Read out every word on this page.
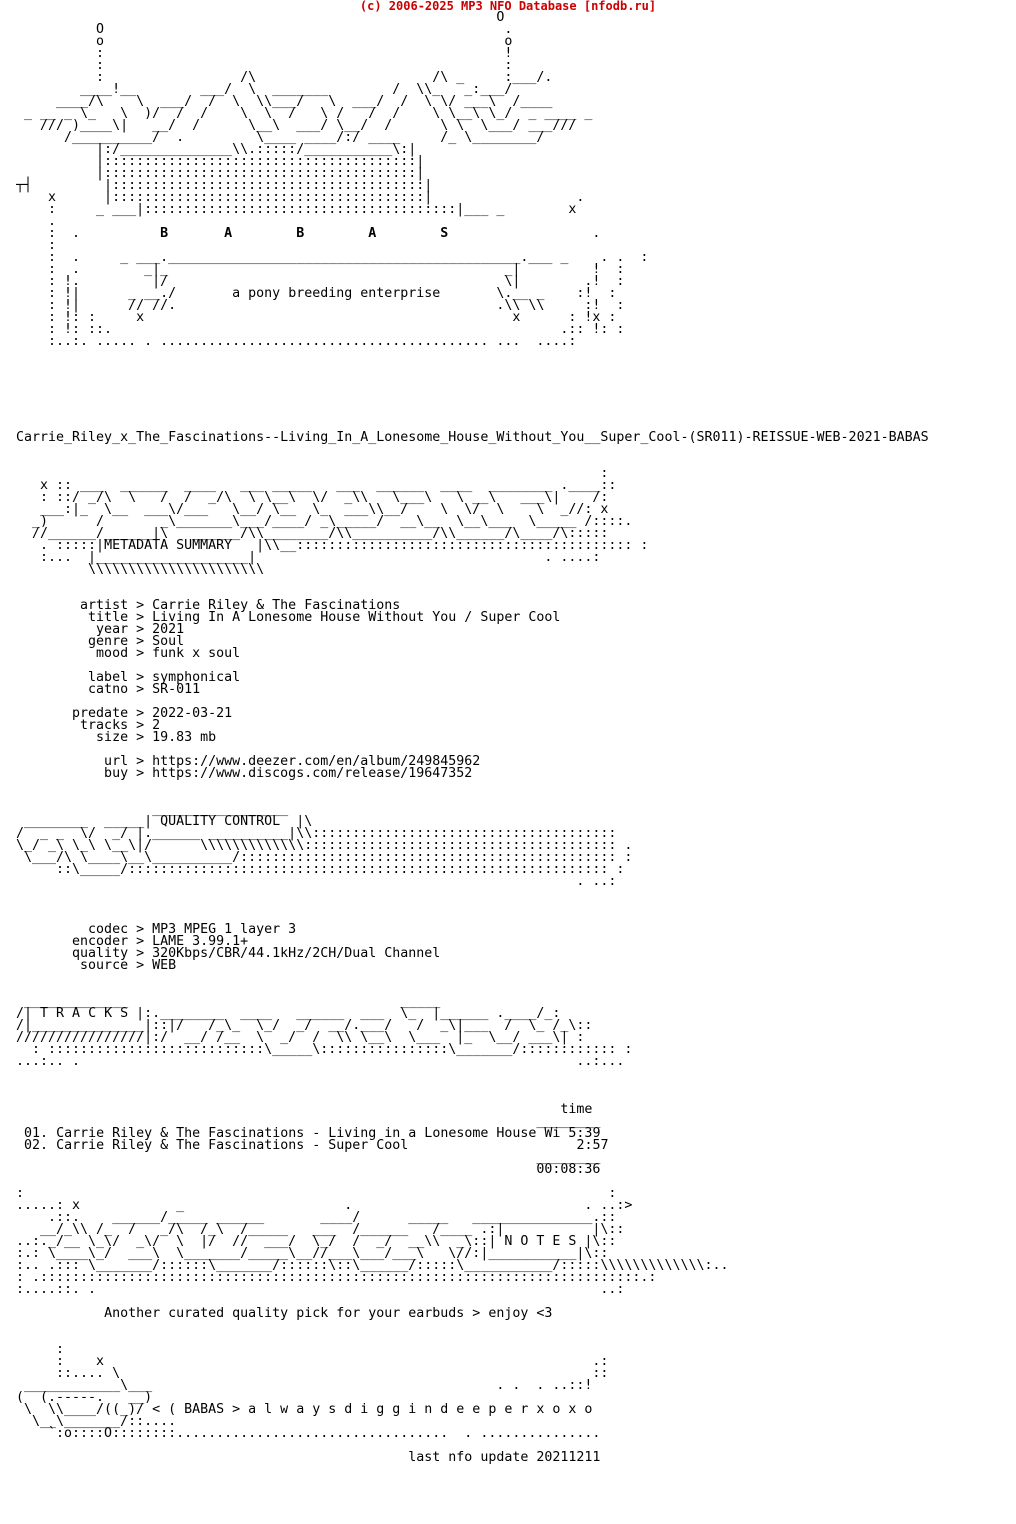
(c) 2006-2025 MP3 NFO Database [nfodb.ru]
O
O                                                  .
o                                                  o
:                                                  !
:                                                  :
:                 /\                      /\ _     :___/.
____!__        ___/  \  _______        /  \\_   _:___/
____/\    \  ___/  /  \  \\___/   \  ___/  /  \ \/ ___\  /____
_ __ _ \_   \  )/  /  /    \  \  /   \ /   /  /    \ \__\ \_/  _ ____ _
/// )____\|   __/  /      \__\  ___/ \__/  /      \ \  \___/ ___///
/__________/  .         \____ ____/:/ ____     /_ \________/
|:/______________\\.:::::/___________\:|
|:::::::::::::::::::::::::::::::::::::::|
|:::::::::::::::::::::::::::::::::::::::|
┬┤         |:::::::::::::::::::::::::::::::::::::::|
x      |:::::::::::::::::::::::::::::::::::::::|                  .
:     _ ___|:::::::::::::::::::::::::::::::::::::::|___ _        x
.
:  .	B       A        B        A        S	.
:
:  .     _ ___.____________________________________________.___ _    . .  :
:  .        _|_                                          _|         !  :
: !.         |/                                          \|        .!  :
: !|      _ __./	a pony breeding enterprise	\.__ _    :!  :
: !|      // //.                                        .\\ \\     :!  :
: !: :     x                                              x      : !x :
: !: ::.                                                        .:: !: :
:..:. ..... . ......................................... ...  ....:
Carrie_Riley_x_The_Fascinations--Living_In_A_Lonesome_House_Without_You__Super_Cool-(SR011)-REISSUE-WEB-2021-BABAS
:
x :: ___  ______  ____   ___ _____   ___  ______  ____  ________ .____::
: ::/ _/\  \   /  /  _/\  \ \__\  \/  _\\   \___\   \ __\   ___\|    /:
___:|_  \__  ___\/___   \__/ \__  \_  ___\\__/    \  \/  \    \  _//: x
_)      /       _\_______\___/____/ _\_____/  __\__  \__\___  \_____ /::::.
//______/______|\   ______/\\________/\\__________/\\______/\____/\:::::
. :::::|METADATA SUMMARY   |\\__:::::::::::::::::::::::::::::::::::::::::: :
:...  |___________________|                                    . ....:
\\\\\\\\\\\\\\\\\\\\\\
artist > Carrie Riley & The Fascinations
title > Living In A Lonesome House Without You / Super Cool
year > 2021
genre > Soul
mood > funk x soul

label > symphonical
catno > SR-011

predate > 2022-03-21
tracks > 2
size > 19.83 mb

url > https://www.deezer.com/en/album/249845962
buy > https://www.discogs.com/release/19647352
_________________
________  _____| QUALITY CONTROL  |\
/  _ _  \/  _/ |.______ __________|\\::::::::::::::::::::::::::::::::::::::
\_/ _\ \_\ \__\|/      \\\\\\\\\\\\\::::::::::::::::::::::::::::::::::::::: .
\___/\ \____\__\__________/::::::::::::::::::::::::::::::::::::::::::::::: :
::\_____/:::::::::::::::::::::::::::::::::::::::::::::::::::::::::::: :
. ..:
codec > MP3 MPEG 1 layer 3
encoder > LAME 3.99.1+
quality > 320Kbps/CBR/44.1kHz/2CH/Dual Channel
source > WEB
_____________                                  _____
/| T R A C K S |:.________  ____   ______  ___  \_  |______ .____/_:
/|______________|::|/   /_\_  \_/  _/  __/.___/   /  _\|___  /  \_ /_\::
////////////////|:/  __/ /__  \  _/  /  \\ \__\  \___  |_  \__/ ___\| :
: :::::::::::::::::::::::::::\_____\::::::::::::::::\_______/:::::::::::: :
...:.. .                                                              ..:...
time
________
01. Carrie Riley & The Fascinations - Living in a Lonesome House Wi 5:39
02. Carrie Riley & The Fascinations - Super Cool	2:57
________
00:08:36
:                                                                         :
.....: x            _                    .                             . ..:>
.::.    ______/_____ ______       ____/      _____   _______________.::
__/_\\ /_  /   _/\  /_\  /_____   ___  /______   /____ .:|           |\::
..:._/__ \_\/  _\/  \  |/  //  ___/  \_/  /  _/  __\\  _\::| N O T E S |\::
:.: \____\_/  ___\  \_______/_____\__//___\___/___\   \//:|___________|\::
:.. .::: \_______/::::::\_______/::::::\::\______/:::::\___________/:::::\\\\\\\\\\\\\:..
: .:::::::::::::::::::::::::::::::::::::::::::::::::::::::::::::::::::::::::::.:
:....::. .                                                               ..:
Another curated quality pick for your earbuds > enjoy <3
:
:    x                                                             .:
::.... \                                                           ::
____________\___                                           . .  . ..::!
(  (.-----.   __)
\  \\____/((_)/ < ( BABAS > a l w a y s d i g g i n d e e p e r x o x o
\__\_______/::....
`:o::::O::::::::..................................  . ...............

last nfo update 20211211
